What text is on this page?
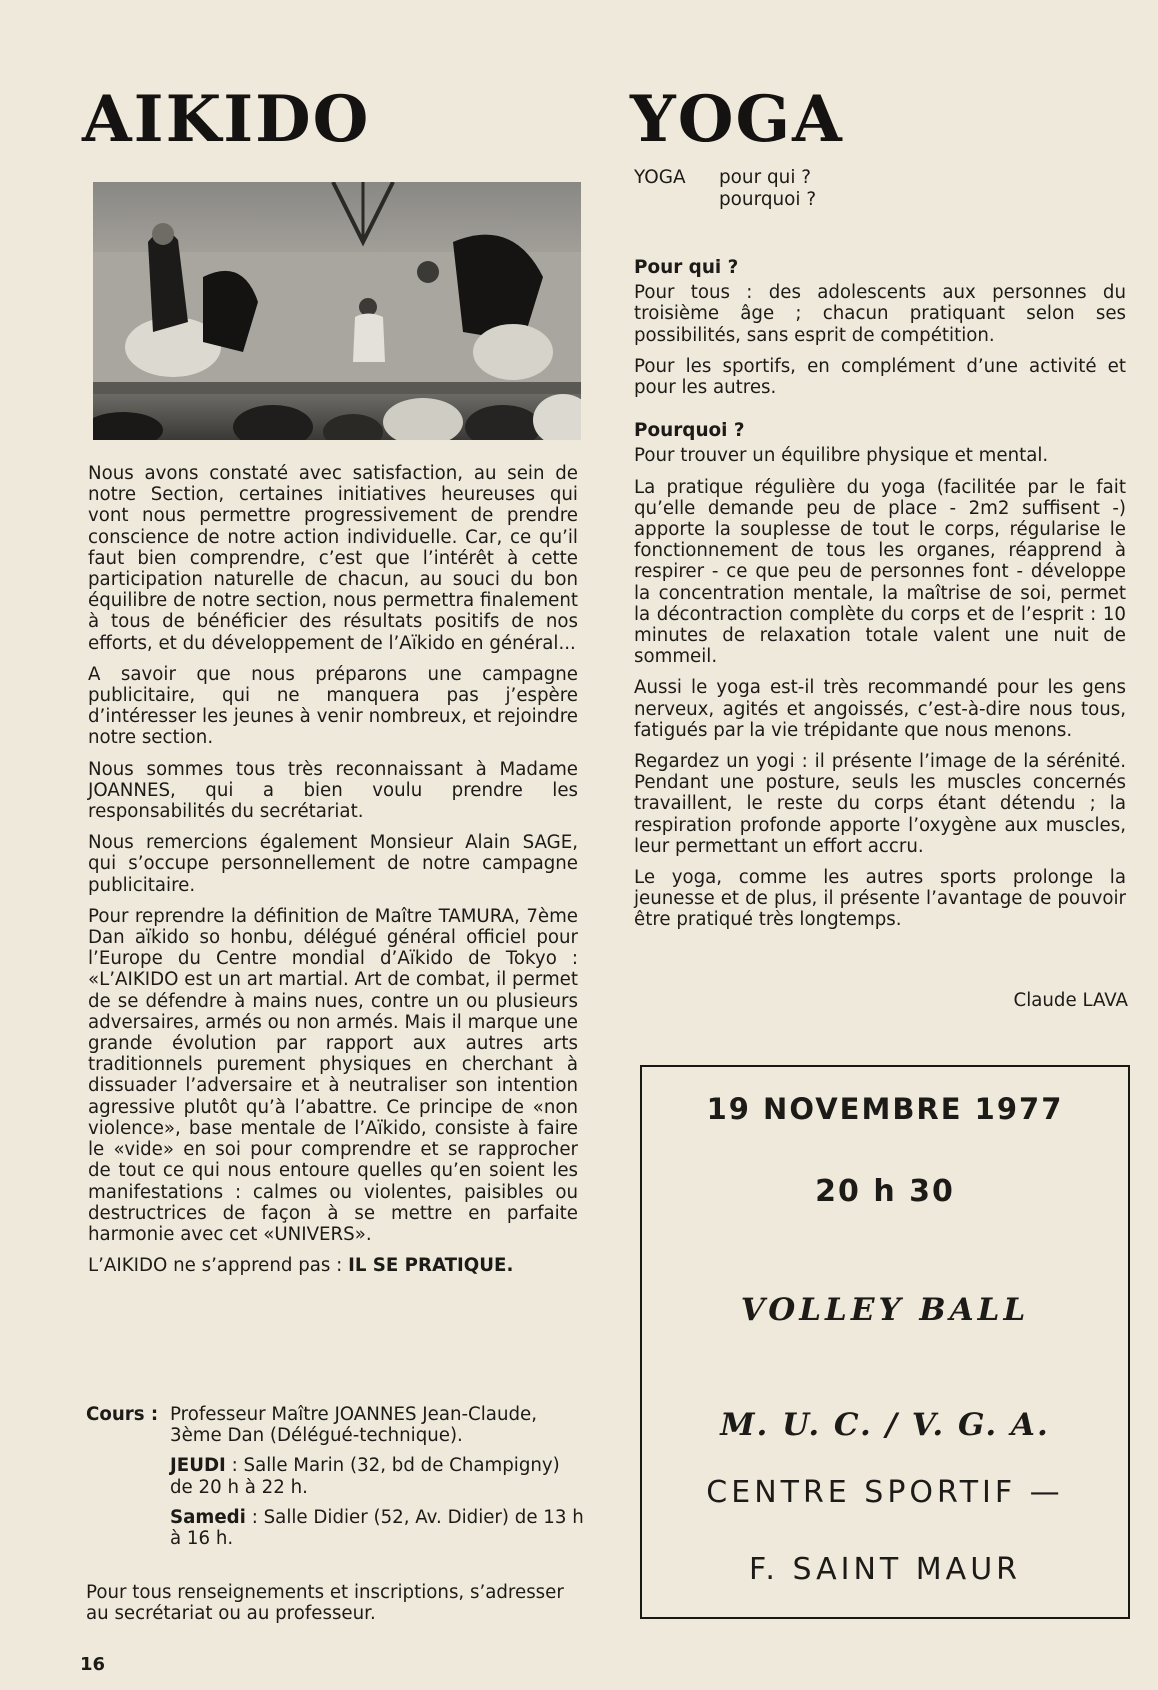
AIKIDO	YOGA

Nous avons constaté avec satisfaction, au sein de notre Section, certaines initiatives heureuses qui vont nous permettre progressivement de prendre conscience de notre action individuelle. Car, ce qu’il faut bien comprendre, c’est que l’intérêt à cette participation naturelle de chacun, au souci du bon équilibre de notre section, nous permettra finalement à tous de bénéficier des résultats positifs de nos efforts, et du développement de l’Aïkido en général...

A savoir que nous préparons une campagne publicitaire, qui ne manquera pas j’espère d’intéresser les jeunes à venir nombreux, et rejoindre notre section.

Nous sommes tous très reconnaissant à Madame JOANNES, qui a bien voulu prendre les responsabilités du secrétariat.

Nous remercions également Monsieur Alain SAGE, qui s’occupe personnellement de notre campagne publicitaire.

Pour reprendre la définition de Maître TAMURA, 7ème Dan aïkido so honbu, délégué général officiel pour l’Europe du Centre mondial d’Aïkido de Tokyo : «L’AIKIDO est un art martial. Art de combat, il permet de se défendre à mains nues, contre un ou plusieurs adversaires, armés ou non armés. Mais il marque une grande évolution par rapport aux autres arts traditionnels purement physiques en cherchant à dissuader l’adversaire et à neutraliser son intention agressive plutôt qu’à l’abattre. Ce principe de «non violence», base mentale de l’Aïkido, consiste à faire le «vide» en soi pour comprendre et se rapprocher de tout ce qui nous entoure quelles qu’en soient les manifestations : calmes ou violentes, paisibles ou destructrices de façon à se mettre en parfaite harmonie avec cet «UNIVERS».

L’AIKIDO ne s’apprend pas : IL SE PRATIQUE.

Cours : Professeur Maître JOANNES Jean-Claude, 3ème Dan (Délégué-technique).

JEUDI : Salle Marin (32, bd de Champigny) de 20 h à 22 h.

Samedi : Salle Didier (52, Av. Didier) de 13 h à 16 h.

Pour tous renseignements et inscriptions, s’adresser au secrétariat ou au professeur.
16
YOGA pour qui ?
pourquoi ?
Pour qui ?

Pour tous : des adolescents aux personnes du troisième âge ; chacun pratiquant selon ses possibilités, sans esprit de compétition.

Pour les sportifs, en complément d’une activité et pour les autres.

Pourquoi ?

Pour trouver un équilibre physique et mental.

La pratique régulière du yoga (facilitée par le fait qu’elle demande peu de place - 2m2 suffisent -) apporte la souplesse de tout le corps, régularise le fonctionnement de tous les organes, réapprend à respirer - ce que peu de personnes font - développe la concentration mentale, la maîtrise de soi, permet la décontraction complète du corps et de l’esprit : 10 minutes de relaxation totale valent une nuit de sommeil.

Aussi le yoga est-il très recommandé pour les gens nerveux, agités et angoissés, c’est-à-dire nous tous, fatigués par la vie trépidante que nous menons.

Regardez un yogi : il présente l’image de la sérénité. Pendant une posture, seuls les muscles concernés travaillent, le reste du corps étant détendu ; la respiration profonde apporte l’oxygène aux muscles, leur permettant un effort accru.

Le yoga, comme les autres sports prolonge la jeunesse et de plus, il présente l’avantage de pouvoir être pratiqué très longtemps.

Claude LAVA
19 NOVEMBRE 1977
20 h 30
VOLLEY BALL
M. U. C. / V. G. A.
CENTRE SPORTIF —
F. SAINT MAUR
